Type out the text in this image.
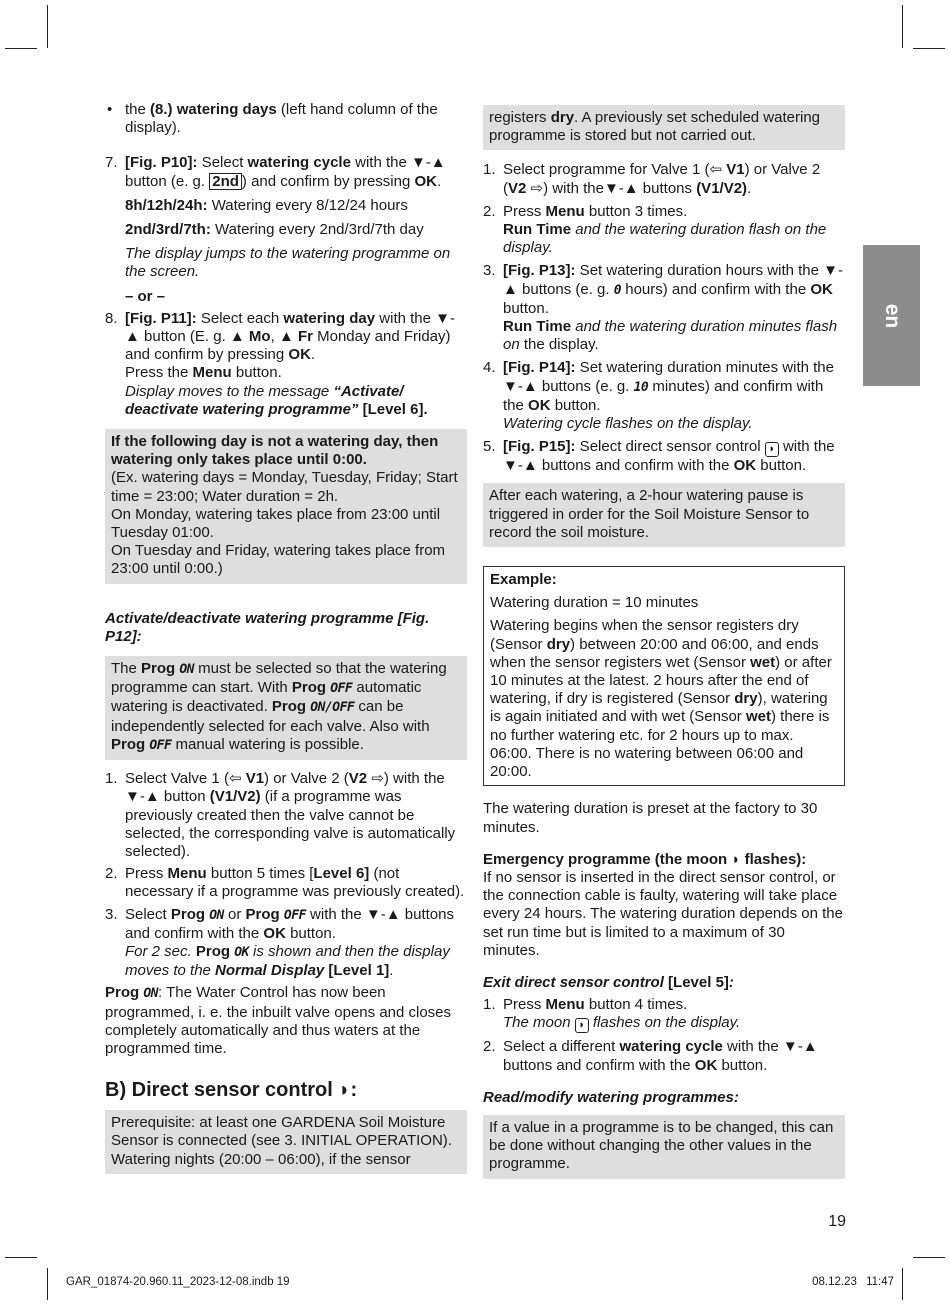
en

• the (8.) watering days (left hand column of the display).

7. [Fig. P10]: Select watering cycle with the ▼-▲ button (e. g. 2nd ) and confirm by pressing OK.

8h/12h/24h: Watering every 8/12/24 hours

2nd/3rd/7th: Watering every 2nd/3rd/7th day

The display jumps to the watering programme on the screen.

– or –

8. [Fig. P11]: Select each watering day with the ▼-▲ button (E. g. ▲ Mo, ▲ Fr Monday and Friday) and confirm by pressing OK.

Press the Menu button.

Display moves to the message “Activate/ deactivate watering programme” [Level 6].

If the following day is not a watering day, then watering only takes place until 0:00.

(Ex. watering days = Monday, Tuesday, Friday; Start time = 23:00; Water duration = 2h.

On Monday, watering takes place from 23:00 until Tuesday 01:00.

On Tuesday and Friday, watering takes place from 23:00 until 0:00.)

Activate/deactivate watering programme [Fig. P12]:

The Prog ON must be selected so that the watering programme can start. With Prog OFF automatic watering is deactivated. Prog ON/OFF can be independently selected for each valve. Also with Prog OFF manual watering is possible.

1. Select Valve 1 (⇦ V1) or Valve 2 (V2 ⇨) with the ▼-▲ button (V1/V2) (if a programme was previously created then the valve cannot be selected, the corresponding valve is automatically selected).

2. Press Menu button 5 times [Level 6] (not necessary if a programme was previously created).

3. Select Prog ON or Prog OFF with the ▼-▲ buttons and confirm with the OK button.

For 2 sec. Prog OK is shown and then the display moves to the Normal Display [Level 1].

Prog ON: The Water Control has now been programmed, i. e. the inbuilt valve opens and closes completely automatically and thus waters at the programmed time.

B) Direct sensor control ◗:

Prerequisite: at least one GARDENA Soil Moisture Sensor is connected (see 3. INITIAL OPERATION). Watering nights (20:00 – 06:00), if the sensor

registers dry. A previously set scheduled watering programme is stored but not carried out.

1. Select programme for Valve 1 (⇦ V1) or Valve 2 (V2 ⇨) with the▼-▲ buttons (V1/V2).

2. Press Menu button 3 times.

Run Time and the watering duration flash on the display.

3. [Fig. P13]: Set watering duration hours with the ▼-▲ buttons (e. g. 0 hours) and confirm with the OK button.

Run Time and the watering duration minutes flash on the display.

4. [Fig. P14]: Set watering duration minutes with the ▼-▲ buttons (e. g. 10 minutes) and confirm with the OK button.

Watering cycle flashes on the display.

5. [Fig. P15]: Select direct sensor control ◗ with the ▼-▲ buttons and confirm with the OK button.

After each watering, a 2-hour watering pause is triggered in order for the Soil Moisture Sensor to record the soil moisture.

Example:

Watering duration = 10 minutes

Watering begins when the sensor registers dry (Sensor dry) between 20:00 and 06:00, and ends when the sensor registers wet (Sensor wet) or after 10 minutes at the latest. 2 hours after the end of watering, if dry is registered (Sensor dry), watering is again initiated and with wet (Sensor wet) there is no further watering etc. for 2 hours up to max. 06:00. There is no watering between 06:00 and 20:00.

The watering duration is preset at the factory to 30 minutes.

Emergency programme (the moon ◗ flashes):

If no sensor is inserted in the direct sensor control, or the connection cable is faulty, watering will take place every 24 hours. The watering duration depends on the set run time but is limited to a maximum of 30 minutes.

Exit direct sensor control [Level 5]:

1. Press Menu button 4 times.

The moon ◗ flashes on the display.

2. Select a different watering cycle with the ▼-▲ buttons and confirm with the OK button.

Read/modify watering programmes:

If a value in a programme is to be changed, this can be done without changing the other values in the programme.

19
GAR_01874-20.960.11_2023-12-08.indb 19	08.12.23 11:47
